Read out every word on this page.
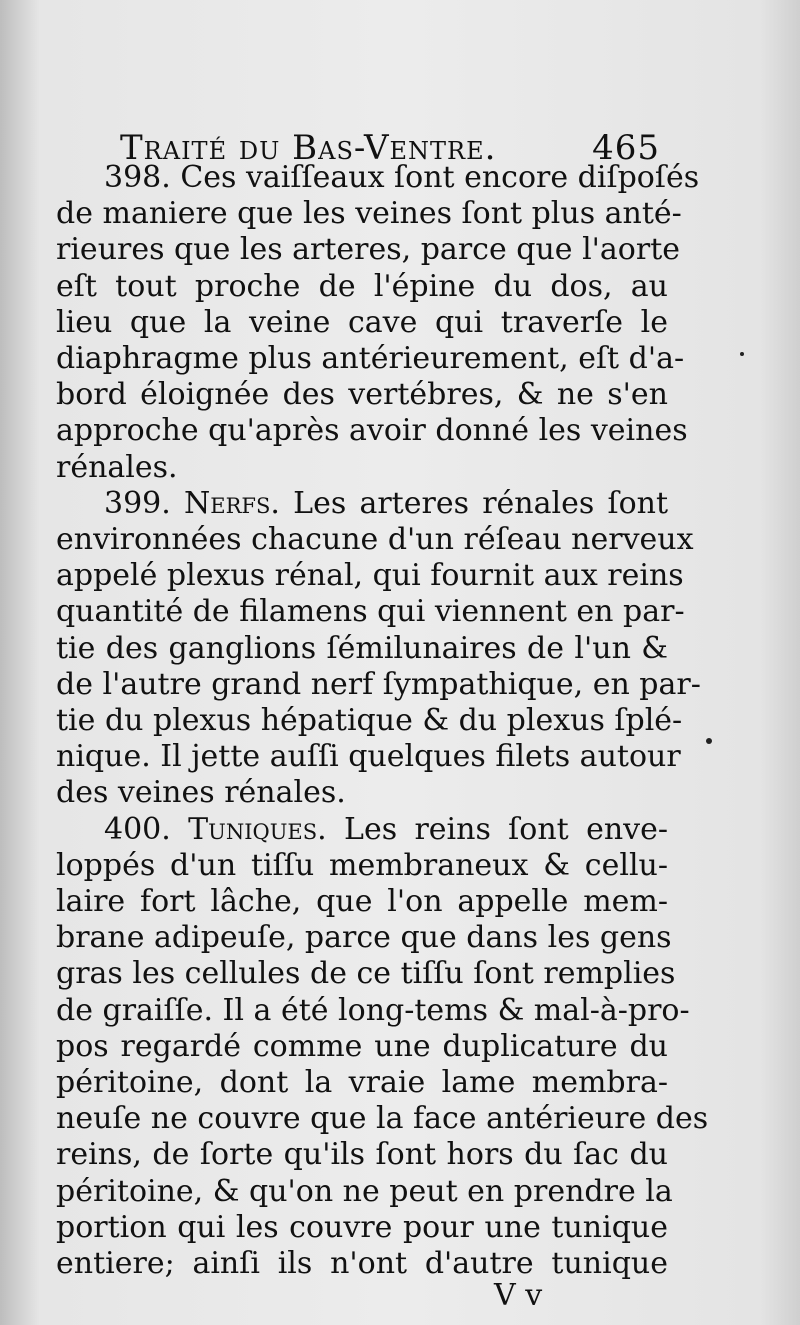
Traité du Bas-Ventre.	465
398. Ces vaiſſeaux ſont encore diſpoſés
de maniere que les veines ſont plus anté-
rieures que les arteres, parce que l'aorte
eſt tout proche de l'épine du dos, au
lieu que la veine cave qui traverſe le
diaphragme plus antérieurement, eſt d'a-
bord éloignée des vertébres, & ne s'en
approche qu'après avoir donné les veines
rénales.
399. Nerfs. Les arteres rénales ſont
environnées chacune d'un réſeau nerveux
appelé plexus rénal, qui fournit aux reins
quantité de filamens qui viennent en par-
tie des ganglions ſémilunaires de l'un &
de l'autre grand nerf ſympathique, en par-
tie du plexus hépatique & du plexus ſplé-
nique. Il jette auſſi quelques filets autour
des veines rénales.
400. Tuniques. Les reins ſont enve-
loppés d'un tiſſu membraneux & cellu-
laire fort lâche, que l'on appelle mem-
brane adipeuſe, parce que dans les gens
gras les cellules de ce tiſſu ſont remplies
de graiſſe. Il a été long-tems & mal-à-pro-
pos regardé comme une duplicature du
péritoine, dont la vraie lame membra-
neuſe ne couvre que la face antérieure des
reins, de ſorte qu'ils ſont hors du ſac du
péritoine, & qu'on ne peut en prendre la
portion qui les couvre pour une tunique
entiere; ainſi ils n'ont d'autre tunique
V v
